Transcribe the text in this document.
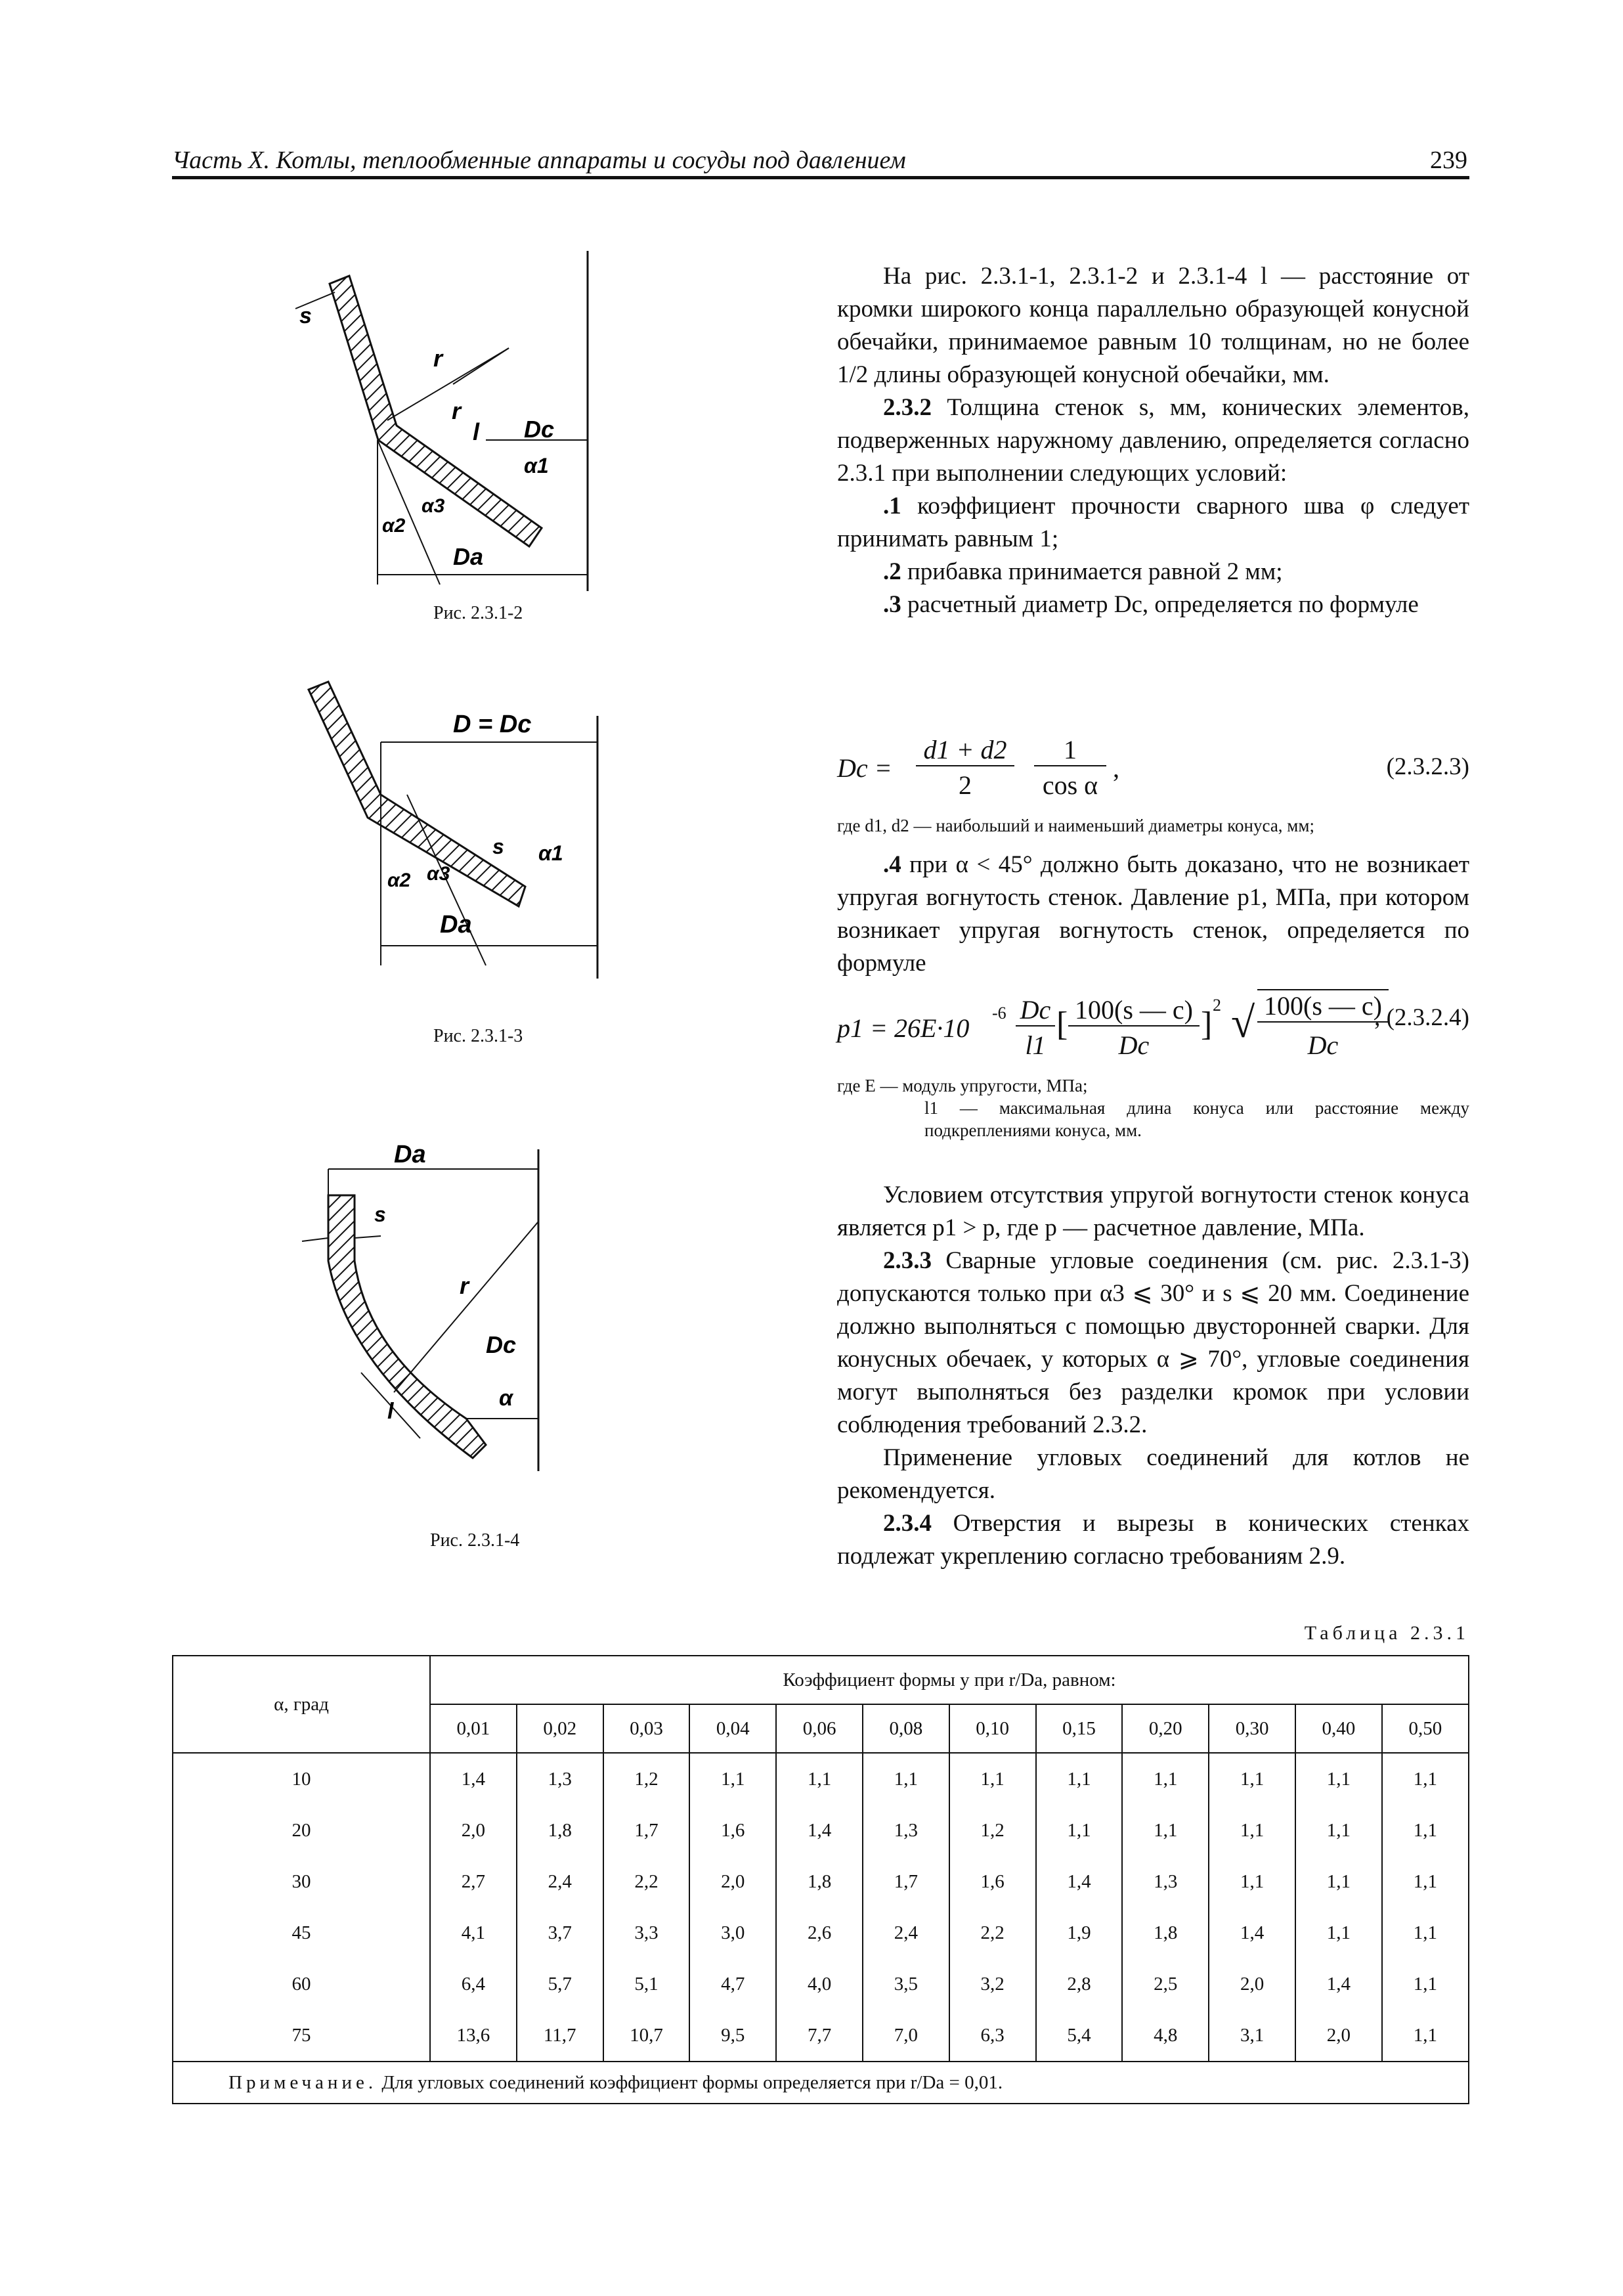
Часть X. Котлы, теплообменные аппараты и сосуды под давлением	239
s
r
r
l Dc
α1
α2
α3
Da
Рис. 2.3.1-2
D = Dc
s α1
α2 α3
Da
Рис. 2.3.1-3
Da
s
r
Dc
α
l
Рис. 2.3.1-4

На рис. 2.3.1-1, 2.3.1-2 и 2.3.1-4 l — расстояние от кромки широкого конца параллельно образующей конусной обечайки, принимаемое равным 10 толщинам, но не более 1/2 длины образующей конусной обечайки, мм.

2.3.2 Толщина стенок s, мм, конических элементов, подверженных наружному давлению, определяется согласно 2.3.1 при выполнении следующих условий:

.1 коэффициент прочности сварного шва φ следует принимать равным 1;

.2 прибавка принимается равной 2 мм;

.3 расчетный диаметр Dc, определяется по формуле

Dc =
d1 + d2
2
1
cos α
,	(2.3.2.3)
где d1, d2 — наибольший и наименьший диаметры конуса, мм;

.4 при α < 45° должно быть доказано, что не возникает упругая вогнутость стенок. Давление p1, МПа, при котором возникает упругая вогнутость стенок, определяется по формуле

p1 = 26E·10
-6 Dc
l1
[ 100(s — c)
Dc
]
2 √ 100(s — c)
Dc
, (2.3.2.4)
где E — модуль упругости, МПа;
l1 — максимальная длина конуса или расстояние между подкреплениями конуса, мм.

Условием отсутствия упругой вогнутости стенок конуса является p1 > p, где p — расчетное давление, МПа.

2.3.3 Сварные угловые соединения (см. рис. 2.3.1-3) допускаются только при α3 ⩽ 30° и s ⩽ 20 мм. Соединение должно выполняться с помощью двусторонней сварки. Для конусных обечаек, у которых α ⩾ 70°, угловые соединения могут выполняться без разделки кромок при условии соблюдения требований 2.3.2.

Применение угловых соединений для котлов не рекомендуется.

2.3.4 Отверстия и вырезы в конических стенках подлежат укреплению согласно требованиям 2.9.

Таблица 2.3.1
α, град	Коэффициент формы y при r/Da, равном:											
	0,01	0,02	0,03	0,04	0,06	0,08	0,10	0,15	0,20	0,30	0,40	0,50
10	1,4	1,3	1,2	1,1	1,1	1,1	1,1	1,1	1,1	1,1	1,1	1,1
20	2,0	1,8	1,7	1,6	1,4	1,3	1,2	1,1	1,1	1,1	1,1	1,1
30	2,7	2,4	2,2	2,0	1,8	1,7	1,6	1,4	1,3	1,1	1,1	1,1
45	4,1	3,7	3,3	3,0	2,6	2,4	2,2	1,9	1,8	1,4	1,1	1,1
60	6,4	5,7	5,1	4,7	4,0	3,5	3,2	2,8	2,5	2,0	1,4	1,1
75	13,6	11,7	10,7	9,5	7,7	7,0	6,3	5,4	4,8	3,1	2,0	1,1
Примечание. Для угловых соединений коэффициент формы определяется при r/Da = 0,01.												
